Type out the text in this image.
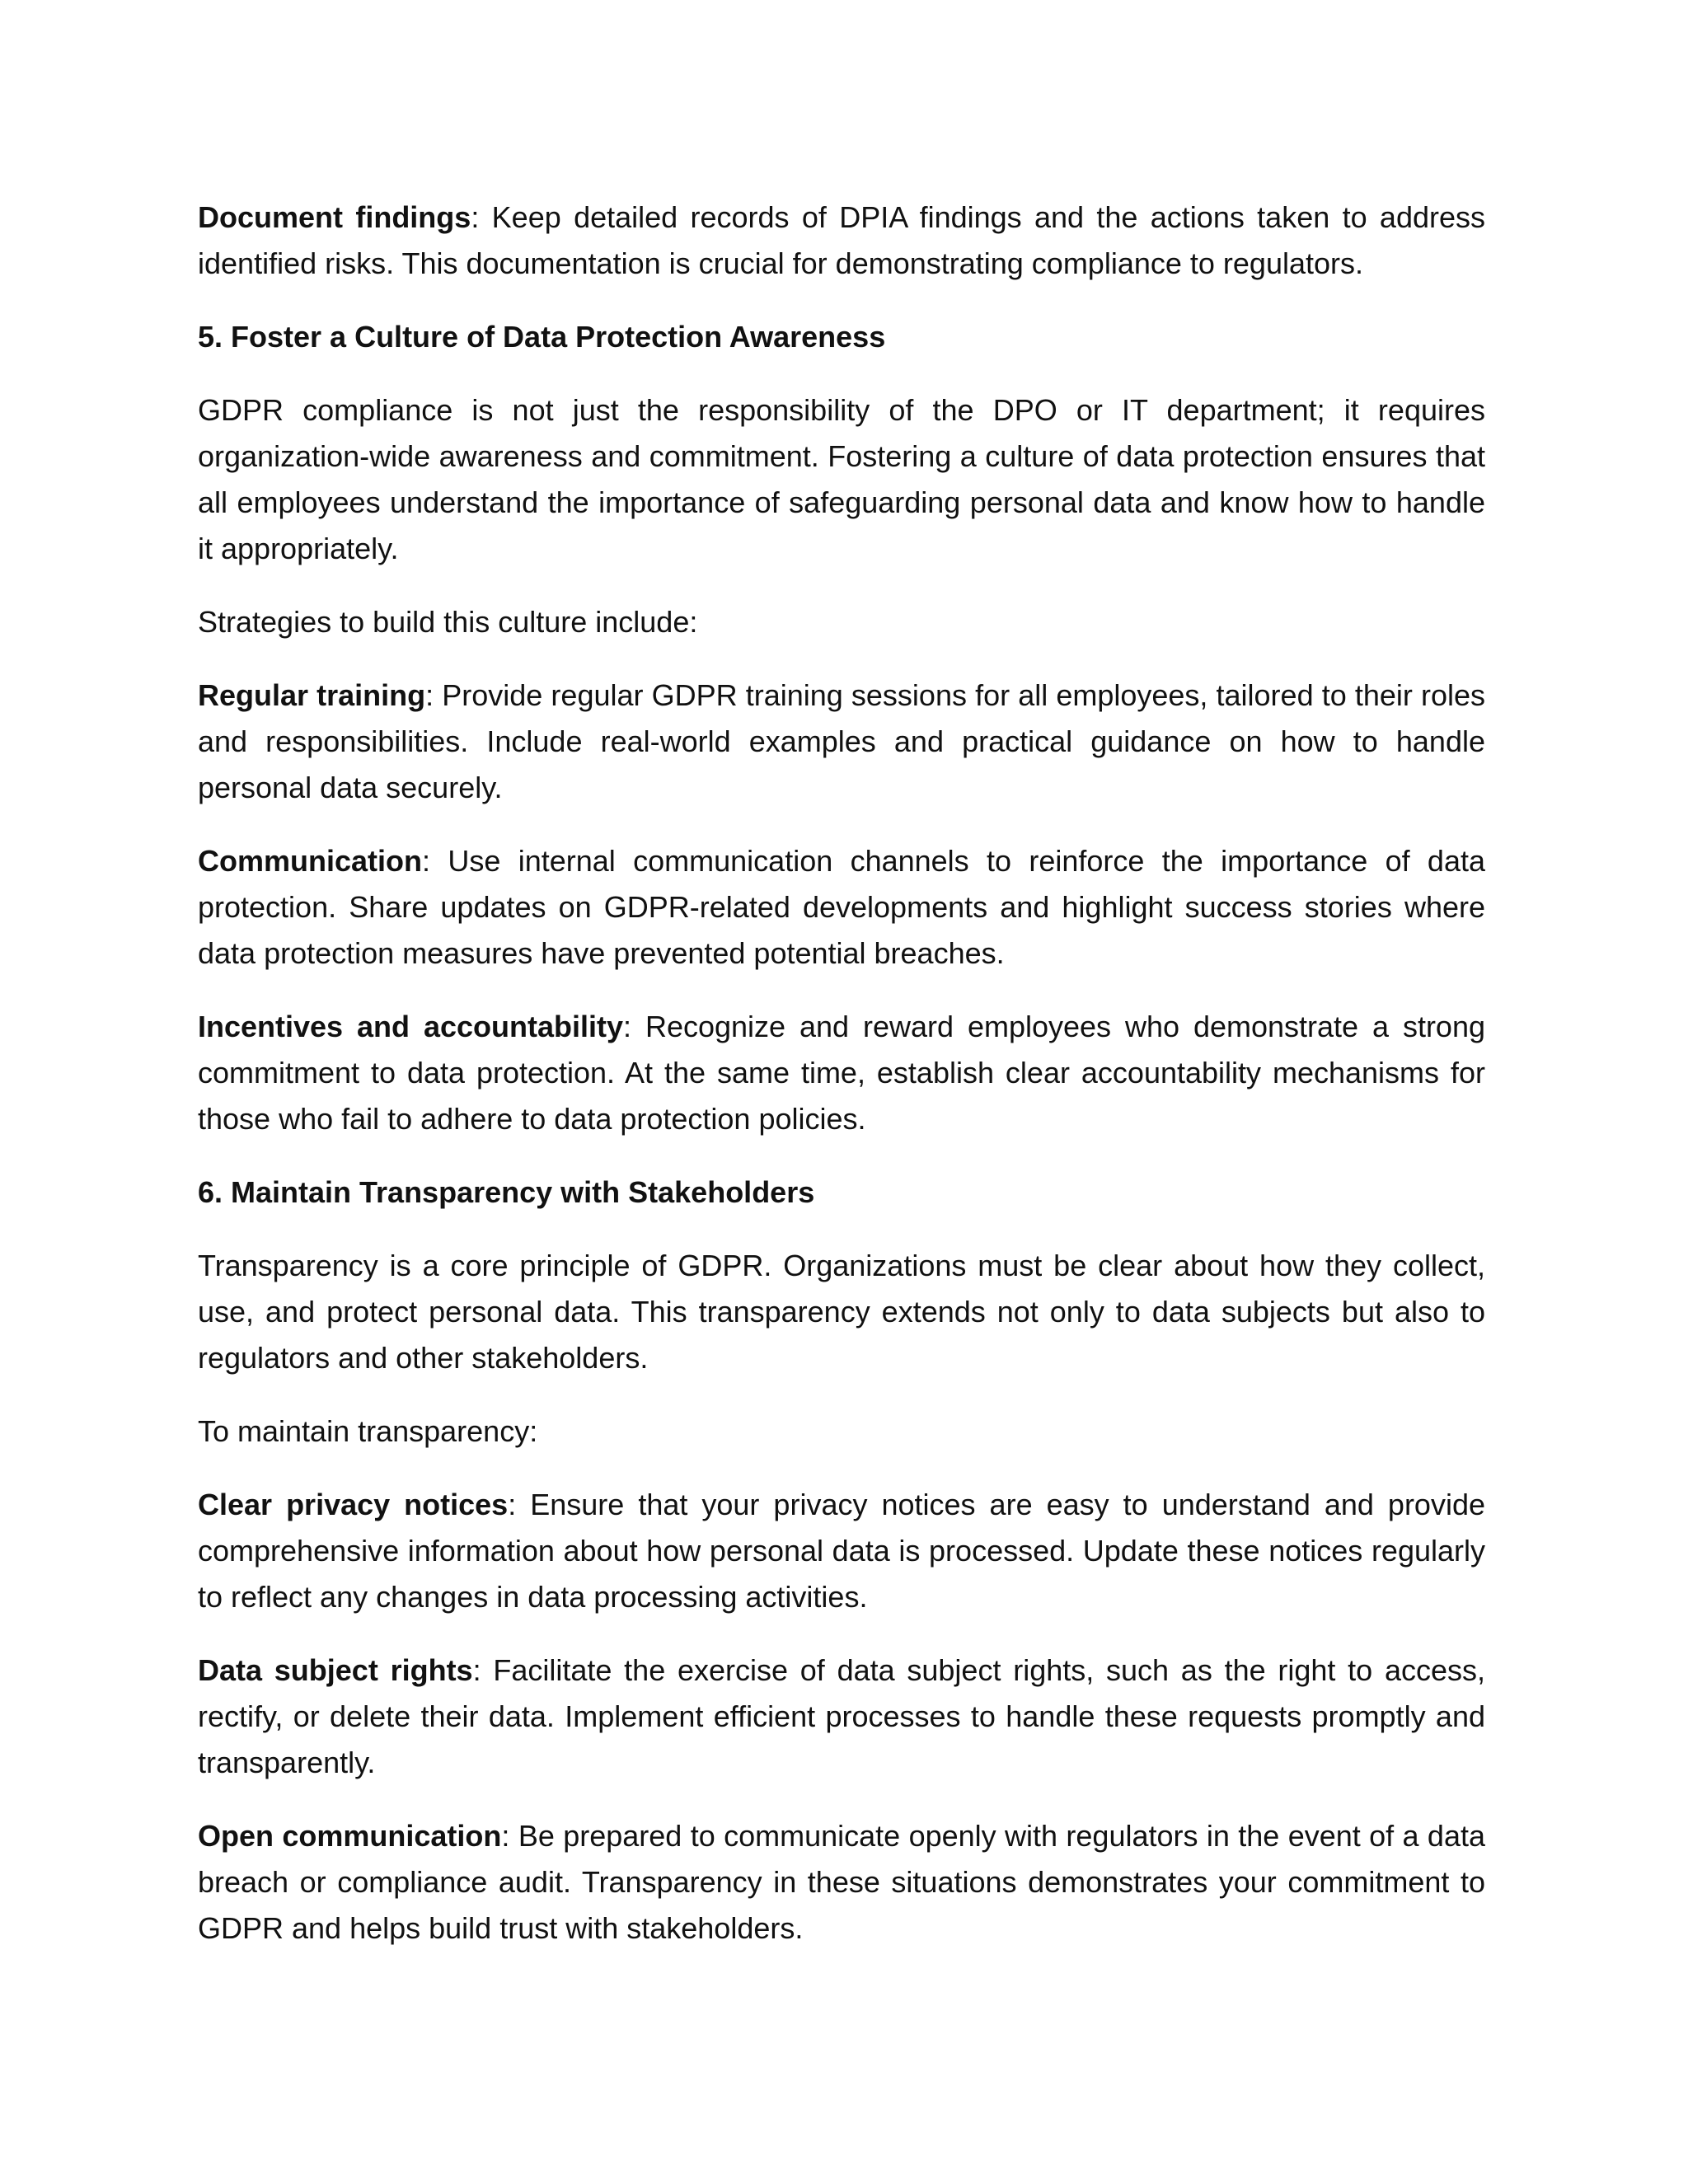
Document findings: Keep detailed records of DPIA findings and the actions taken to address identified risks. This documentation is crucial for demonstrating compliance to regulators.

5. Foster a Culture of Data Protection Awareness

GDPR compliance is not just the responsibility of the DPO or IT department; it requires organization-wide awareness and commitment. Fostering a culture of data protection ensures that all employees understand the importance of safeguarding personal data and know how to handle it appropriately.

Strategies to build this culture include:

Regular training: Provide regular GDPR training sessions for all employees, tailored to their roles and responsibilities. Include real-world examples and practical guidance on how to handle personal data securely.

Communication: Use internal communication channels to reinforce the importance of data protection. Share updates on GDPR-related developments and highlight success stories where data protection measures have prevented potential breaches.

Incentives and accountability: Recognize and reward employees who demonstrate a strong commitment to data protection. At the same time, establish clear accountability mechanisms for those who fail to adhere to data protection policies.

6. Maintain Transparency with Stakeholders

Transparency is a core principle of GDPR. Organizations must be clear about how they collect, use, and protect personal data. This transparency extends not only to data subjects but also to regulators and other stakeholders.

To maintain transparency:

Clear privacy notices: Ensure that your privacy notices are easy to understand and provide comprehensive information about how personal data is processed. Update these notices regularly to reflect any changes in data processing activities.

Data subject rights: Facilitate the exercise of data subject rights, such as the right to access, rectify, or delete their data. Implement efficient processes to handle these requests promptly and transparently.

Open communication: Be prepared to communicate openly with regulators in the event of a data breach or compliance audit. Transparency in these situations demonstrates your commitment to GDPR and helps build trust with stakeholders.
